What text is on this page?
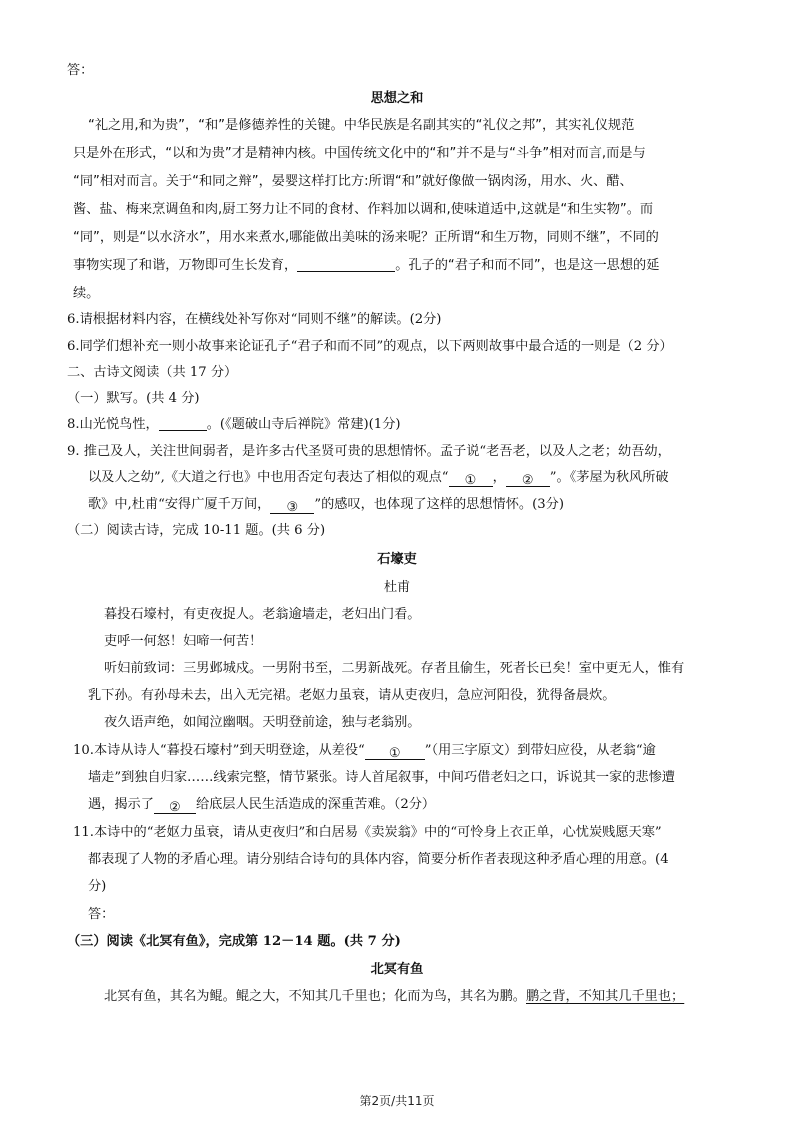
答：
思想之和
“礼之用,和为贵”，“和”是修德养性的关键。中华民族是名副其实的“礼仪之邦”，其实礼仪规范
只是外在形式，“以和为贵”才是精神内核。中国传统文化中的“和”并不是与“斗争”相对而言,而是与
“同”相对而言。关于“和同之辩”，晏婴这样打比方:所谓“和”就好像做一锅肉汤，用水、火、醋、
酱、盐、梅来烹调鱼和肉,厨工努力让不同的食材、作料加以调和,使味道适中,这就是“和生实物”。而
“同”，则是“以水济水”，用水来煮水,哪能做出美味的汤来呢？正所谓“和生万物，同则不继”，不同的
事物实现了和谐，万物即可生长发育，	。孔子的“君子和而不同”，也是这一思想的延
续。
6.请根据材料内容，在横线处补写你对“同则不继”的解读。(2分)
6.同学们想补充一则小故事来论证孔子“君子和而不同”的观点，以下两则故事中最合适的一则是（2 分）
二、古诗文阅读（共 17 分）
（一）默写。(共 4 分)
8.山光悦鸟性，	。(《题破山寺后禅院》常建)(1分)
9. 推己及人，关注世间弱者，是许多古代圣贤可贵的思想情怀。孟子说“老吾老，以及人之老；幼吾幼，
以及人之幼”,《大道之行也》中也用否定句表达了相似的观点“ ① ， ② ”。《茅屋为秋风所破
歌》中,杜甫“安得广厦千万间， ③ ”的感叹，也体现了这样的思想情怀。(3分)
（二）阅读古诗，完成 10-11 题。(共 6 分)
石壕吏
杜甫
暮投石壕村，有吏夜捉人。老翁逾墙走，老妇出门看。
吏呼一何怒！妇啼一何苦！
听妇前致词：三男邺城戍。一男附书至，二男新战死。存者且偷生，死者长已矣！室中更无人，惟有
乳下孙。有孙母未去，出入无完裙。老妪力虽衰，请从吏夜归，急应河阳役，犹得备晨炊。
夜久语声绝，如闻泣幽咽。天明登前途，独与老翁别。
10.本诗从诗人“暮投石壕村”到天明登途，从差役“ ① ”（用三字原文）到带妇应役，从老翁“逾
墙走”到独自归家……线索完整，情节紧张。诗人首尾叙事，中间巧借老妇之口，诉说其一家的悲惨遭
遇，揭示了 ② 给底层人民生活造成的深重苦难。（2分）
11.本诗中的“老妪力虽衰，请从吏夜归”和白居易《卖炭翁》中的“可怜身上衣正单，心忧炭贱愿天寒”
都表现了人物的矛盾心理。请分别结合诗句的具体内容，简要分析作者表现这种矛盾心理的用意。(4
分)
答：
（三）阅读《北冥有鱼》，完成第 12－14 题。(共 7 分)
北冥有鱼
北冥有鱼，其名为鲲。鲲之大，不知其几千里也；化而为鸟，其名为鹏。鹏之背，不知其几千里也；
第2页/共11页
